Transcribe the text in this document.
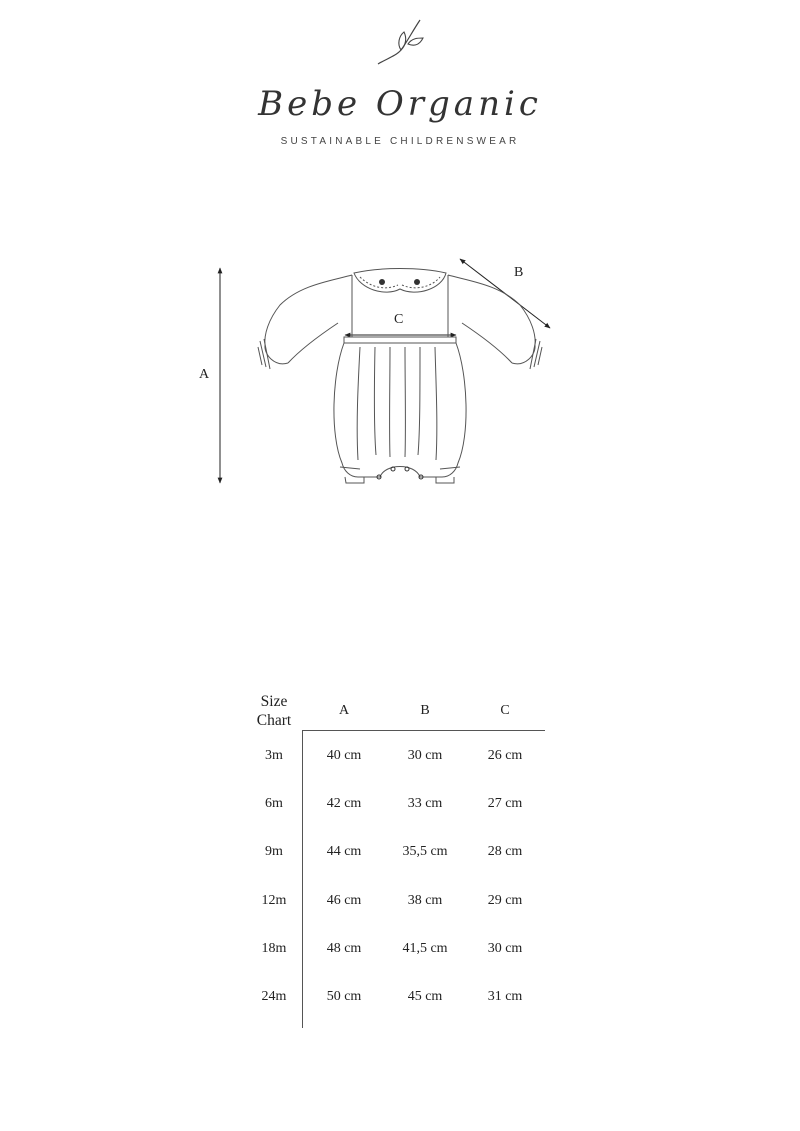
Bebe Organic
SUSTAINABLE CHILDRENSWEAR
A
B
C
Size Chart	A	B	C
3m	40 cm	30 cm	26 cm
6m	42 cm	33 cm	27 cm
9m	44 cm	35,5 cm	28 cm
12m	46 cm	38 cm	29 cm
18m	48 cm	41,5 cm	30 cm
24m	50 cm	45 cm	31 cm
